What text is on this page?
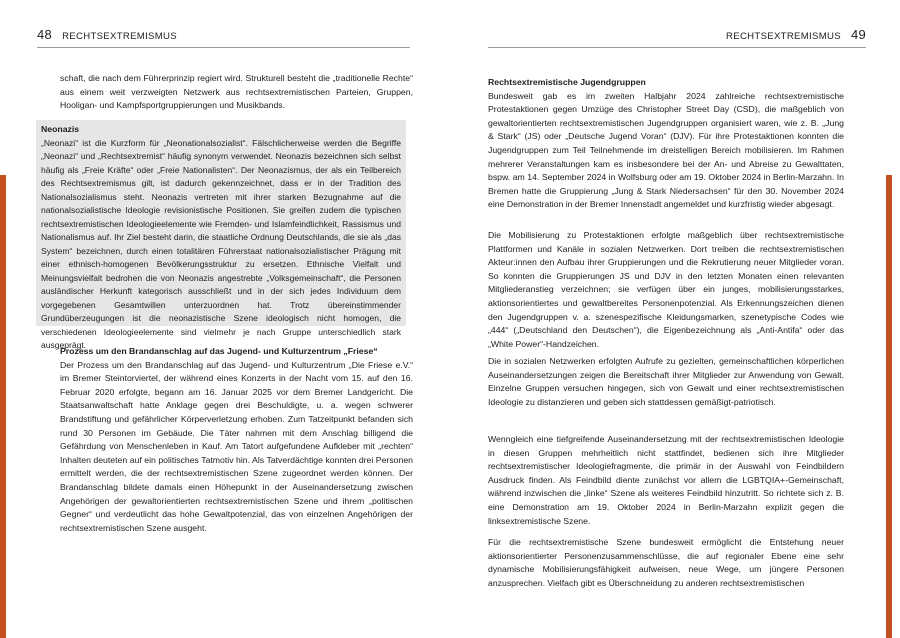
48 RECHTSEXTREMISMUS

schaft, die nach dem Führerprinzip regiert wird. Strukturell besteht die „traditionelle Rechte“ aus einem weit verzweigten Netzwerk aus rechtsextremistischen Parteien, Gruppen, Hooligan- und Kampfsportgruppierungen und Musikbands.

Neonazis

„Neonazi“ ist die Kurzform für „Neonationalsozialist“. Fälschlicherweise werden die Begriffe „Neonazi“ und „Rechtsextremist“ häufig synonym verwendet. Neonazis bezeichnen sich selbst häufig als „Freie Kräfte“ oder „Freie Nationalisten“. Der Neonazismus, der als ein Teilbereich des Rechtsextremismus gilt, ist dadurch gekennzeichnet, dass er in der Tradition des Nationalsozialismus steht. Neonazis vertreten mit ihrer starken Bezugnahme auf die nationalsozialistische Ideologie revisionistische Positionen. Sie greifen zudem die typischen rechtsextremistischen Ideologieelemente wie Fremden- und Islamfeindlichkeit, Rassismus und Nationalismus auf. Ihr Ziel besteht darin, die staatliche Ordnung Deutschlands, die sie als „das System“ bezeichnen, durch einen totalitären Führerstaat nationalsozialistischer Prägung mit einer ethnisch-homogenen Bevölkerungsstruktur zu ersetzen. Ethnische Vielfalt und Meinungsvielfalt bedrohen die von Neonazis angestrebte „Volksgemeinschaft“, die Personen ausländischer Herkunft kategorisch ausschließt und in der sich jedes Individuum dem vorgegebenen Gesamtwillen unterzuordnen hat. Trotz übereinstimmender Grundüberzeugungen ist die neonazistische Szene ideologisch nicht homogen, die verschiedenen Ideologieelemente sind vielmehr je nach Gruppe unterschiedlich stark ausgeprägt.

Prozess um den Brandanschlag auf das Jugend- und Kulturzentrum „Friese“

Der Prozess um den Brandanschlag auf das Jugend- und Kulturzentrum „Die Friese e.V.“ im Bremer Steintorviertel, der während eines Konzerts in der Nacht vom 15. auf den 16. Februar 2020 erfolgte, begann am 16. Januar 2025 vor dem Bremer Landgericht. Die Staatsanwaltschaft hatte Anklage gegen drei Beschuldigte, u. a. wegen schwerer Brandstiftung und gefährlicher Körperverletzung erhoben. Zum Tatzeitpunkt befanden sich rund 30 Personen im Gebäude. Die Täter nahmen mit dem Anschlag billigend die Gefährdung von Menschenleben in Kauf. Am Tatort aufgefundene Aufkleber mit „rechten“ Inhalten deuteten auf ein politisches Tatmotiv hin. Als Tatverdächtige konnten drei Personen ermittelt werden, die der rechtsextremistischen Szene zugeordnet werden können. Der Brandanschlag bildete damals einen Höhepunkt in der Auseinandersetzung zwischen Angehörigen der gewaltorientierten rechtsextremistischen Szene und ihrem „politischen Gegner“ und verdeutlicht das hohe Gewaltpotenzial, das von einzelnen Angehörigen der rechtsextremistischen Szene ausgeht.

RECHTSEXTREMISMUS 49
Rechtsextremistische Jugendgruppen

Bundesweit gab es im zweiten Halbjahr 2024 zahlreiche rechtsextremistische Protestaktionen gegen Umzüge des Christopher Street Day (CSD), die maßgeblich von gewaltorientierten rechtsextremistischen Jugendgruppen organisiert waren, wie z. B. „Jung & Stark“ (JS) oder „Deutsche Jugend Voran“ (DJV). Für ihre Protestaktionen konnten die Jugendgruppen zum Teil Teilnehmende im dreistelligen Bereich mobilisieren. Im Rahmen mehrerer Veranstaltungen kam es insbesondere bei der An- und Abreise zu Gewalttaten, bspw. am 14. September 2024 in Wolfsburg oder am 19. Oktober 2024 in Berlin-Marzahn. In Bremen hatte die Gruppierung „Jung & Stark Niedersachsen“ für den 30. November 2024 eine Demonstration in der Bremer Innenstadt angemeldet und kurzfristig wieder abgesagt.

Die Mobilisierung zu Protestaktionen erfolgte maßgeblich über rechtsextremistische Plattformen und Kanäle in sozialen Netzwerken. Dort treiben die rechtsextremistischen Akteur:innen den Aufbau ihrer Gruppierungen und die Rekrutierung neuer Mitglieder voran. So konnten die Gruppierungen JS und DJV in den letzten Monaten einen relevanten Mitgliederanstieg verzeichnen; sie verfügen über ein junges, mobilisierungsstarkes, aktionsorientiertes und gewaltbereites Personenpotenzial. Als Erkennungszeichen dienen den Jugendgruppen v. a. szenespezifische Kleidungsmarken, szenetypische Codes wie „444“ („Deutschland den Deutschen“), die Eigenbezeichnung als „Anti-Antifa“ oder das „White Power“-Handzeichen.

Die in sozialen Netzwerken erfolgten Aufrufe zu gezielten, gemeinschaftlichen körperlichen Auseinandersetzungen zeigen die Bereitschaft ihrer Mitglieder zur Anwendung von Gewalt. Einzelne Gruppen versuchen hingegen, sich von Gewalt und einer rechtsextremistischen Ideologie zu distanzieren und geben sich stattdessen gemäßigt-patriotisch.

Wenngleich eine tiefgreifende Auseinandersetzung mit der rechtsextremistischen Ideologie in diesen Gruppen mehrheitlich nicht stattfindet, bedienen sich ihre Mitglieder rechtsextremistischer Ideologiefragmente, die primär in der Auswahl von Feindbildern Ausdruck finden. Als Feindbild diente zunächst vor allem die LGBTQIA+-Gemeinschaft, während inzwischen die „linke“ Szene als weiteres Feindbild hinzutritt. So richtete sich z. B. eine Demonstration am 19. Oktober 2024 in Berlin-Marzahn explizit gegen die linksextremistische Szene.

Für die rechtsextremistische Szene bundesweit ermöglicht die Entstehung neuer aktionsorientierter Personenzusammenschlüsse, die auf regionaler Ebene eine sehr dynamische Mobilisierungsfähigkeit aufweisen, neue Wege, um jüngere Personen anzusprechen. Vielfach gibt es Überschneidung zu anderen rechtsextremistischen
